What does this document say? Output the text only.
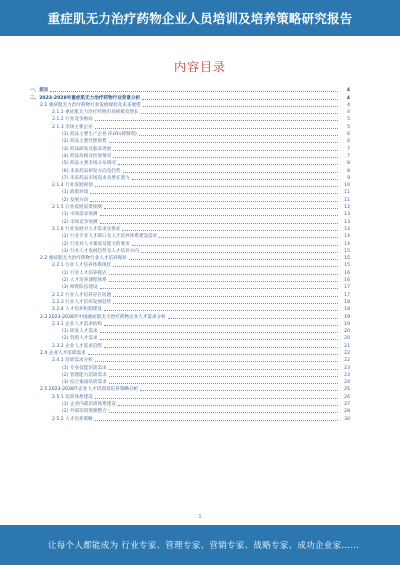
重症肌无力治疗药物企业人员培训及培养策略研究报告
内容目录
一、前言	4
二、2023-2028年重症肌无力治疗药物行业背景分析	4
2.1 重症肌无力治疗药物行业发展现状及未来展望	4
2.1.1 重症肌无力治疗药物市场规模及增长	4
2.1.2 行业竞争格局	5
2.1.3 市场主要企业	5
(1) 药品主要生产企业 (FcRn抑制剂)	6
(2) 药品主要代理销售	6
(3) 药品研发及临床进展	7
(4) 药品价格及医保情况	7
(5) 药品主要市场分布情况	8
(6) 未来药品研发方向及趋势	8
(7) 未来药品市场需求及增长潜力	9
2.1.4 行业发展规划	10
(1) 政策环境	11
(2) 发展方向	11
2.1.5 行业发展前景预测	12
(1) 市场需求预测	13
(2) 市场竞争预测	13
2.1.6 行业发展对人才需求及要求	14
(1) 行业专业人才缺口及人才培养体系建设需求	14
(2) 行业对人才素质及能力的要求	14
(3) 行业人才发展趋势及人才培养方向	15
2.2 重症肌无力治疗药物行业人才培养现状	15
2.2.1 行业人才培养体系现状	15
(1) 行业人才培养模式	16
(2) 人才培养课程体系	16
(3) 师资队伍建设	17
2.2.2 行业人才培养存在问题	17
2.2.3 行业人才培养发展趋势	18
2.2.4 人才培养机制建设	18
2.3 2023-2028年中国重症肌无力治疗药物企业人才需求分析	19
2.3.1 企业人才需求结构	19
(1) 研发人才需求	20
(2) 营销人才需求	20
2.3.2 企业人才需求趋势	21
2.4 企业人才培训需求	22
2.4.1 培训需求分析	22
(1) 专业技能培训需求	23
(2) 管理能力培训需求	23
(3) 综合素质培训需求	24
2.5 2023-2028年企业人才培训及培养策略分析	25
2.5.1 培训体系建设	26
(1) 企业内部培训体系建设	27
(2) 外部培训资源整合	28
2.5.2 人才培养策略	30
1
让每个人都能成为 行业专家、管理专家、营销专家、战略专家、成功企业家……
